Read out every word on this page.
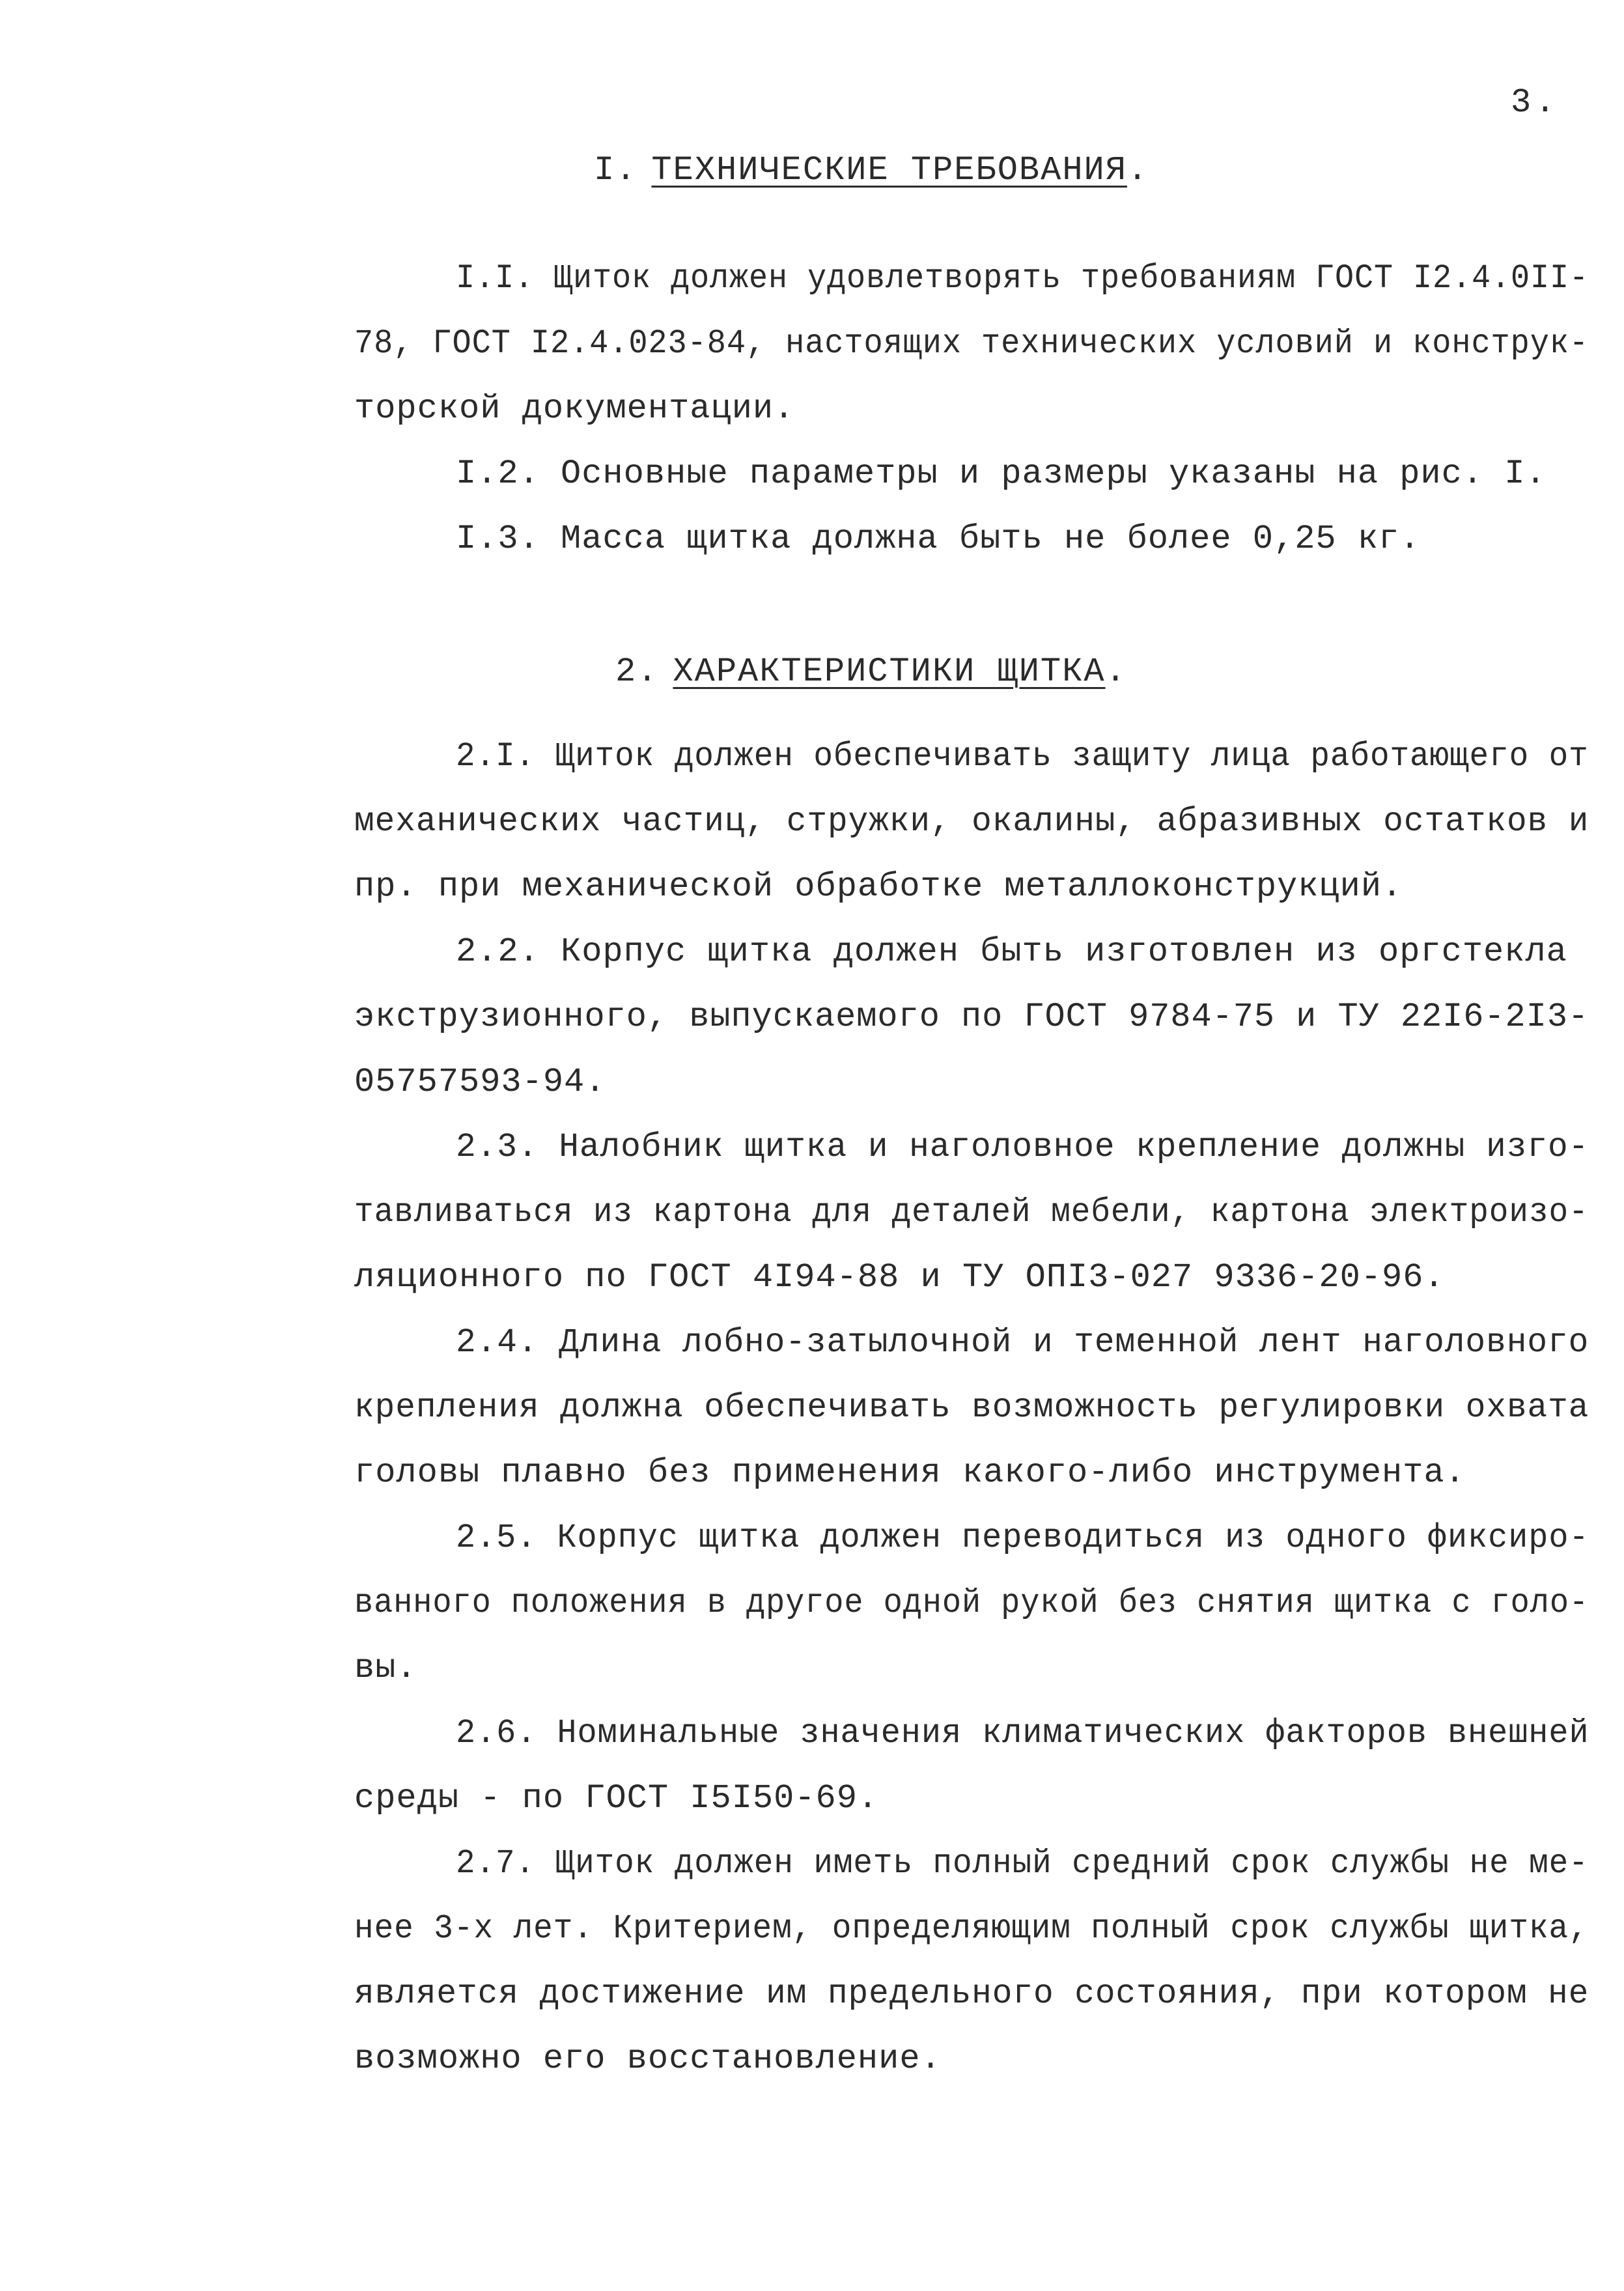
3.
I. ТЕХНИЧЕСКИЕ ТРЕБОВАНИЯ.
I.I. Щиток должен удовлетворять требованиям ГОСТ I2.4.0II-
78, ГОСТ I2.4.023-84, настоящих технических условий и конструк-
торской документации.
I.2. Основные параметры и размеры указаны на рис. I.
I.3. Масса щитка должна быть не более 0,25 кг.
2. ХАРАКТЕРИСТИКИ ЩИТКА.
2.I. Щиток должен обеспечивать защиту лица работающего от
механических частиц, стружки, окалины, абразивных остатков и
пр. при механической обработке металлоконструкций.
2.2. Корпус щитка должен быть изготовлен из оргстекла
экструзионного, выпускаемого по ГОСТ 9784-75 и ТУ 22I6-2I3-
05757593-94.
2.3. Налобник щитка и наголовное крепление должны изго-
тавливаться из картона для деталей мебели, картона электроизо-
ляционного по ГОСТ 4I94-88 и ТУ ОПI3-027 9336-20-96.
2.4. Длина лобно-затылочной и теменной лент наголовного
крепления должна обеспечивать возможность регулировки охвата
головы плавно без применения какого-либо инструмента.
2.5. Корпус щитка должен переводиться из одного фиксиро-
ванного положения в другое одной рукой без снятия щитка с голо-
вы.
2.6. Номинальные значения климатических факторов внешней
среды - по ГОСТ I5I50-69.
2.7. Щиток должен иметь полный средний срок службы не ме-
нее 3-х лет. Критерием, определяющим полный срок службы щитка,
является достижение им предельного состояния, при котором не
возможно его восстановление.
